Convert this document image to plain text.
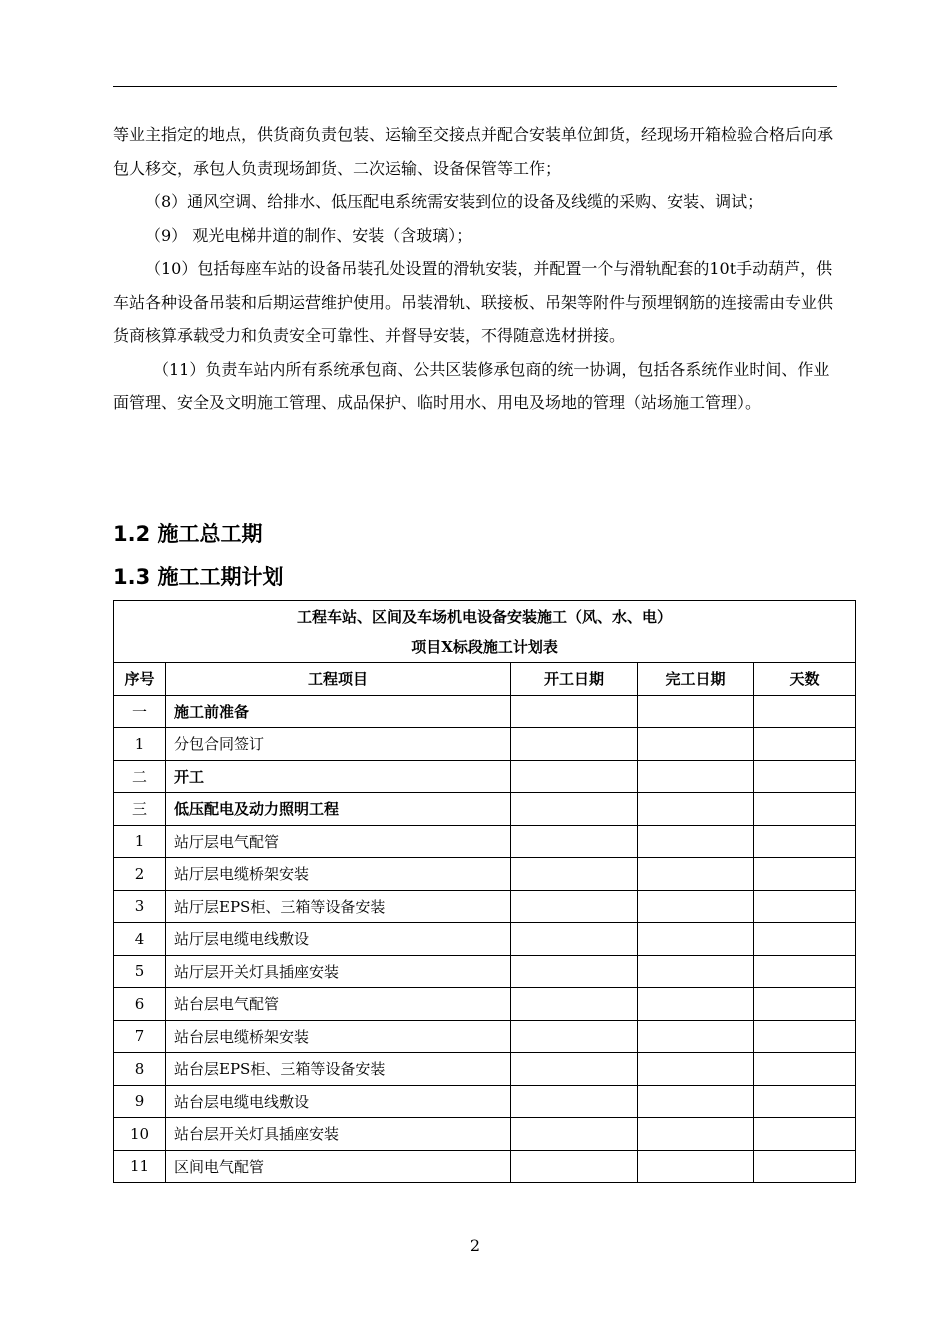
等业主指定的地点，供货商负责包装、运输至交接点并配合安装单位卸货，经现场开箱检验合格后向承包人移交，承包人负责现场卸货、二次运输、设备保管等工作；

（8）通风空调、给排水、低压配电系统需安装到位的设备及线缆的采购、安装、调试；

（9） 观光电梯井道的制作、安装（含玻璃）；

（10）包括每座车站的设备吊装孔处设置的滑轨安装，并配置一个与滑轨配套的10t手动葫芦，供车站各种设备吊装和后期运营维护使用。吊装滑轨、联接板、吊架等附件与预埋钢筋的连接需由专业供货商核算承载受力和负责安全可靠性、并督导安装，不得随意选材拼接。

（11）负责车站内所有系统承包商、公共区装修承包商的统一协调，包括各系统作业时间、作业面管理、安全及文明施工管理、成品保护、临时用水、用电及场地的管理（站场施工管理）。

1.2 施工总工期
1.3 施工工期计划
工程车站、区间及车场机电设备安装施工（风、水、电）
项目X标段施工计划表				

序号	工程项目	开工日期	完工日期	天数
一	施工前准备			
1	分包合同签订			
二	开工			
三	低压配电及动力照明工程			
1	站厅层电气配管			
2	站厅层电缆桥架安装			
3	站厅层EPS柜、三箱等设备安装			
4	站厅层电缆电线敷设			
5	站厅层开关灯具插座安装			
6	站台层电气配管			
7	站台层电缆桥架安装			
8	站台层EPS柜、三箱等设备安装			
9	站台层电缆电线敷设			
10	站台层开关灯具插座安装			
11	区间电气配管			
2
